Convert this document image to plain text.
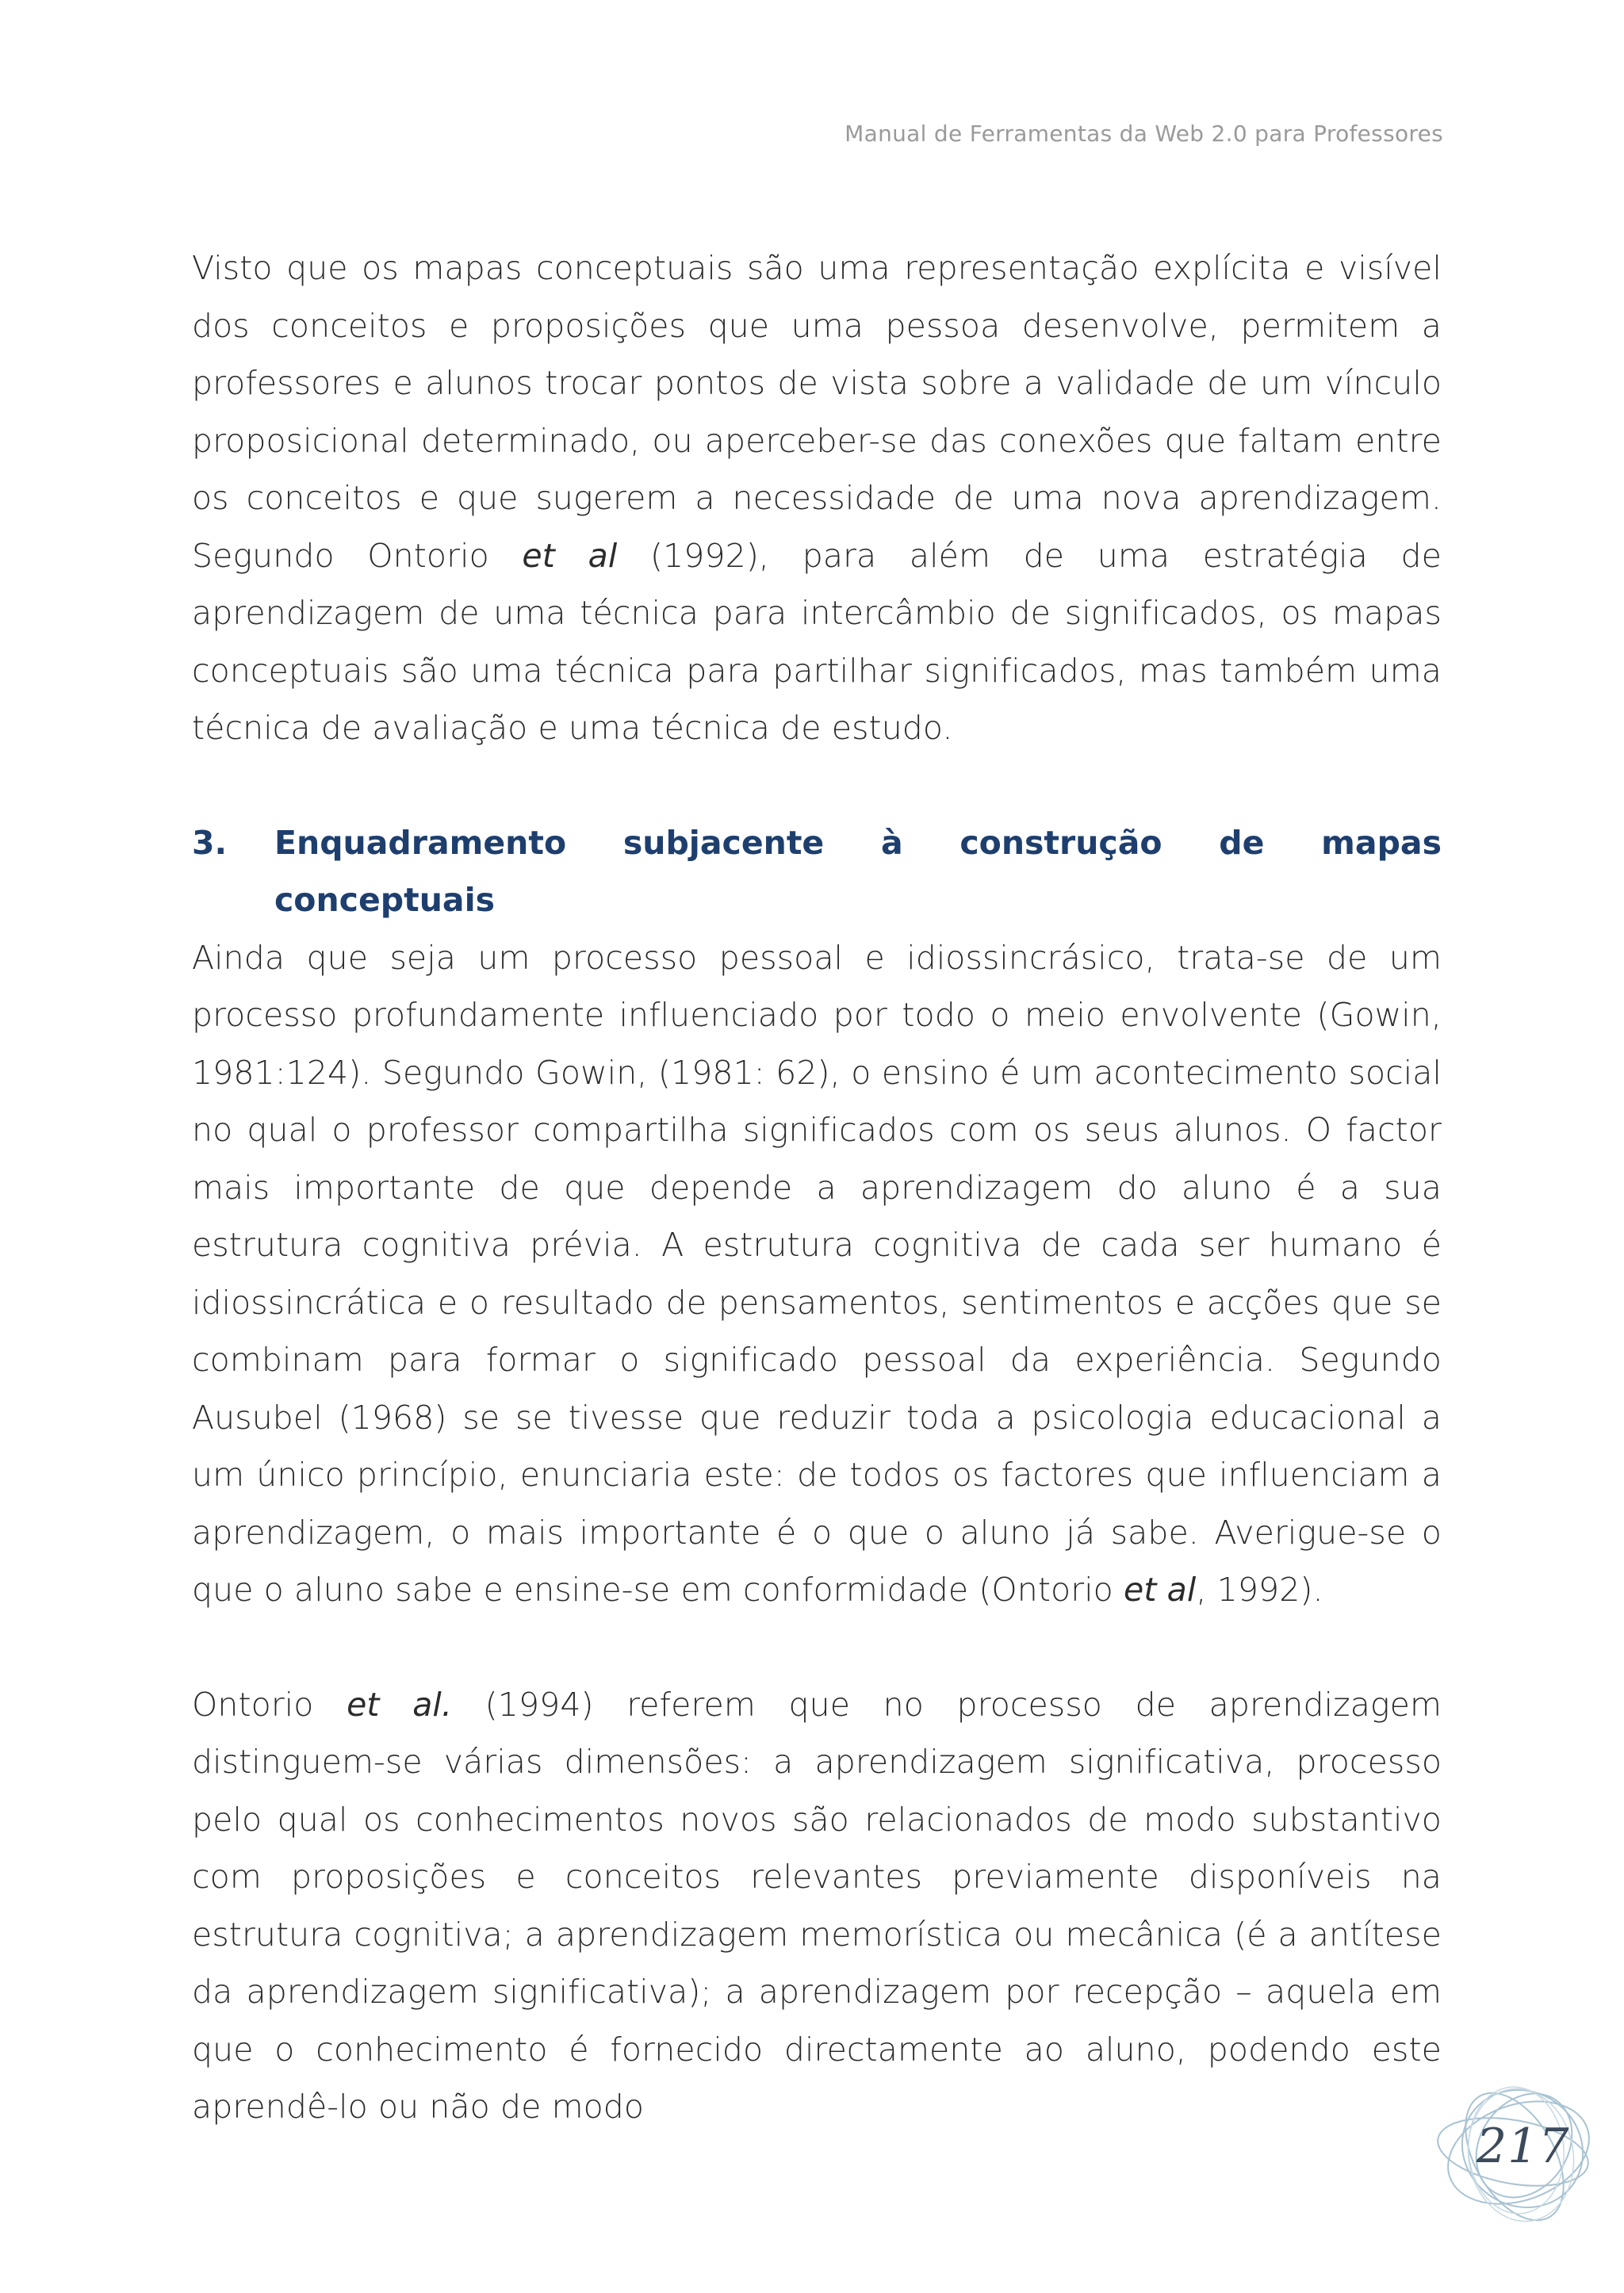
Manual de Ferramentas da Web 2.0 para Professores

Visto que os mapas conceptuais são uma representação explícita e visível dos conceitos e proposições que uma pessoa desenvolve, permitem a professores e alunos trocar pontos de vista sobre a validade de um vínculo proposicional determinado, ou aperceber-se das conexões que faltam entre os conceitos e que sugerem a necessidade de uma nova aprendizagem. Segundo Ontorio et al (1992), para além de uma estratégia de aprendizagem de uma técnica para intercâmbio de significados, os mapas conceptuais são uma técnica para partilhar significados, mas também uma técnica de avaliação e uma técnica de estudo.

3.	Enquadramento subjacente à construção de mapas conceptuais

Ainda que seja um processo pessoal e idiossincrásico, trata-se de um processo profundamente influenciado por todo o meio envolvente (Gowin, 1981:124). Segundo Gowin, (1981: 62), o ensino é um acontecimento social no qual o professor compartilha significados com os seus alunos. O factor mais importante de que depende a aprendizagem do aluno é a sua estrutura cognitiva prévia. A estrutura cognitiva de cada ser humano é idiossincrática e o resultado de pensamentos, sentimentos e acções que se combinam para formar o significado pessoal da experiência. Segundo Ausubel (1968) se se tivesse que reduzir toda a psicologia educacional a um único princípio, enunciaria este: de todos os factores que influenciam a aprendizagem, o mais importante é o que o aluno já sabe. Averigue-se o que o aluno sabe e ensine-se em conformidade (Ontorio et al, 1992).

Ontorio et al. (1994) referem que no processo de aprendizagem distinguem-se várias dimensões: a aprendizagem significativa, processo pelo qual os conhecimentos novos são relacionados de modo substantivo com proposições e conceitos relevantes previamente disponíveis na estrutura cognitiva; a aprendizagem memorística ou mecânica (é a antítese da aprendizagem significativa); a aprendizagem por recepção – aquela em que o conhecimento é fornecido directamente ao aluno, podendo este aprendê-lo ou não de modo

217
